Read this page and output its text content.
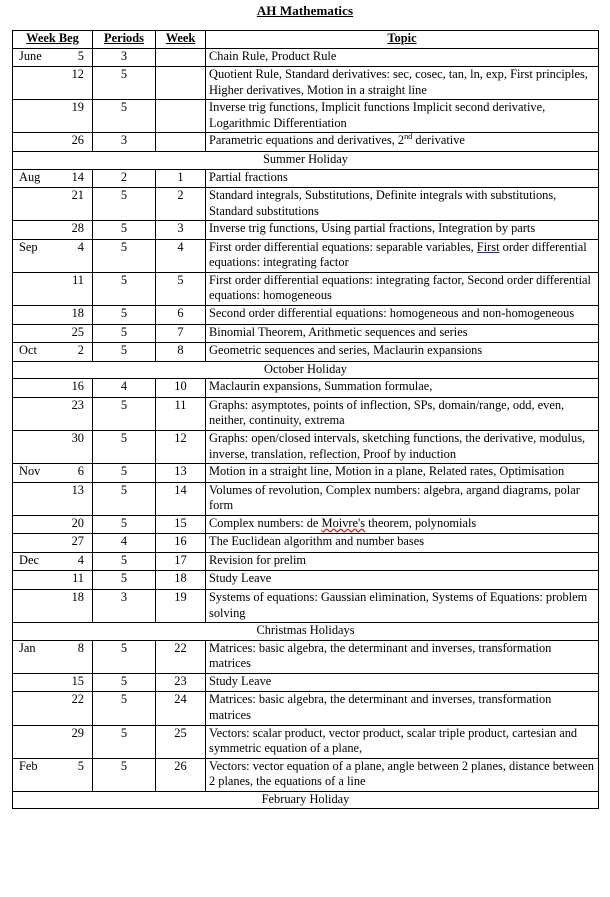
AH Mathematics
Week Beg	Periods	Week	Topic

June 5	3		Chain Rule, Product Rule

12	5		Quotient Rule, Standard derivatives: sec, cosec, tan, ln, exp, First principles, Higher derivatives, Motion in a straight line

19	5		Inverse trig functions, Implicit functions Implicit second derivative, Logarithmic Differentiation

26	3		Parametric equations and derivatives, 2nd derivative
Summer Holiday			

Aug 14	2	1	Partial fractions

21	5	2	Standard integrals, Substitutions, Definite integrals with substitutions, Standard substitutions

28	5	3	Inverse trig functions, Using partial fractions, Integration by parts

Sep 4	5	4	First order differential equations: separable variables, First order differential equations: integrating factor

11	5	5	First order differential equations: integrating factor, Second order differential equations: homogeneous

18	5	6	Second order differential equations: homogeneous and non-homogeneous

25	5	7	Binomial Theorem, Arithmetic sequences and series

Oct 2	5	8	Geometric sequences and series, Maclaurin expansions
October Holiday			

16	4	10	Maclaurin expansions, Summation formulae,

23	5	11	Graphs: asymptotes, points of inflection, SPs, domain/range, odd, even, neither, continuity, extrema

30	5	12	Graphs: open/closed intervals, sketching functions, the derivative, modulus, inverse, translation, reflection, Proof by induction

Nov 6	5	13	Motion in a straight line, Motion in a plane, Related rates, Optimisation

13	5	14	Volumes of revolution, Complex numbers: algebra, argand diagrams, polar form

20	5	15	Complex numbers: de Moivre's theorem, polynomials

27	4	16	The Euclidean algorithm and number bases

Dec 4	5	17	Revision for prelim

11	5	18	Study Leave

18	3	19	Systems of equations: Gaussian elimination, Systems of Equations: problem solving
Christmas Holidays			

Jan 8	5	22	Matrices: basic algebra, the determinant and inverses, transformation matrices

15	5	23	Study Leave

22	5	24	Matrices: basic algebra, the determinant and inverses, transformation matrices

29	5	25	Vectors: scalar product, vector product, scalar triple product, cartesian and symmetric equation of a plane,

Feb 5	5	26	Vectors: vector equation of a plane, angle between 2 planes, distance between 2 planes, the equations of a line
February Holiday			
